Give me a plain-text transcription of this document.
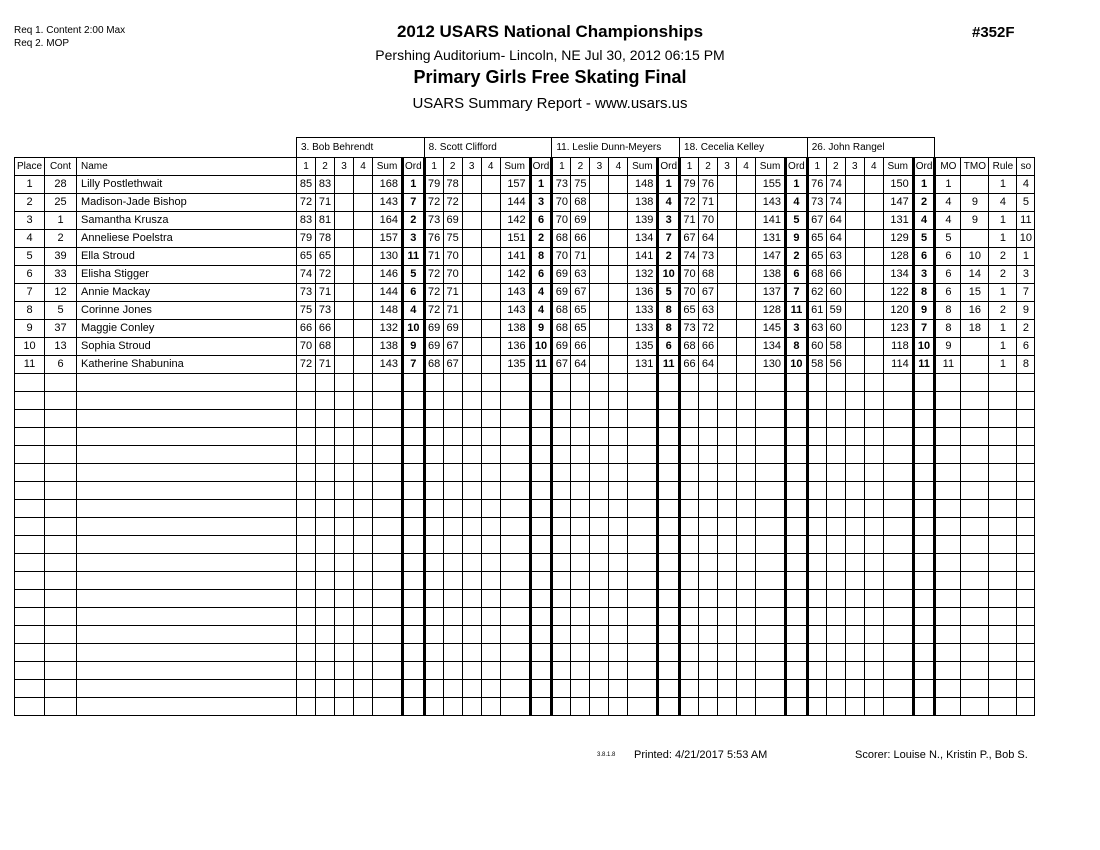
Req 1. Content 2:00 Max
Req 2. MOP
2012 USARS National Championships
Pershing Auditorium- Lincoln, NE Jul 30, 2012 06:15 PM
Primary Girls Free Skating Final
USARS Summary Report - www.usars.us
#352F
			3. Bob Behrendt						8. Scott Clifford						11. Leslie Dunn-Meyers						18. Cecelia Kelley						26. John Rangel									
Place	Cont	Name	1	2	3	4	Sum	Ord	1	2	3	4	Sum	Ord	1	2	3	4	Sum	Ord	1	2	3	4	Sum	Ord	1	2	3	4	Sum	Ord	MO	TMO	Rule	so
1	28	Lilly Postlethwait	85	83			168	1	79	78			157	1	73	75			148	1	79	76			155	1	76	74			150	1	1		1	4
2	25	Madison-Jade Bishop	72	71			143	7	72	72			144	3	70	68			138	4	72	71			143	4	73	74			147	2	4	9	4	5
3	1	Samantha Krusza	83	81			164	2	73	69			142	6	70	69			139	3	71	70			141	5	67	64			131	4	4	9	1	11
4	2	Anneliese Poelstra	79	78			157	3	76	75			151	2	68	66			134	7	67	64			131	9	65	64			129	5	5		1	10
5	39	Ella Stroud	65	65			130	11	71	70			141	8	70	71			141	2	74	73			147	2	65	63			128	6	6	10	2	1
6	33	Elisha Stigger	74	72			146	5	72	70			142	6	69	63			132	10	70	68			138	6	68	66			134	3	6	14	2	3
7	12	Annie Mackay	73	71			144	6	72	71			143	4	69	67			136	5	70	67			137	7	62	60			122	8	6	15	1	7
8	5	Corinne Jones	75	73			148	4	72	71			143	4	68	65			133	8	65	63			128	11	61	59			120	9	8	16	2	9
9	37	Maggie Conley	66	66			132	10	69	69			138	9	68	65			133	8	73	72			145	3	63	60			123	7	8	18	1	2
10	13	Sophia Stroud	70	68			138	9	69	67			136	10	69	66			135	6	68	66			134	8	60	58			118	10	9		1	6
11	6	Katherine Shabunina	72	71			143	7	68	67			135	11	67	64			131	11	66	64			130	10	58	56			114	11	11		1	8

3.8.1.8 Printed: 4/21/2017 5:53 AM	Scorer: Louise N., Kristin P., Bob S.
